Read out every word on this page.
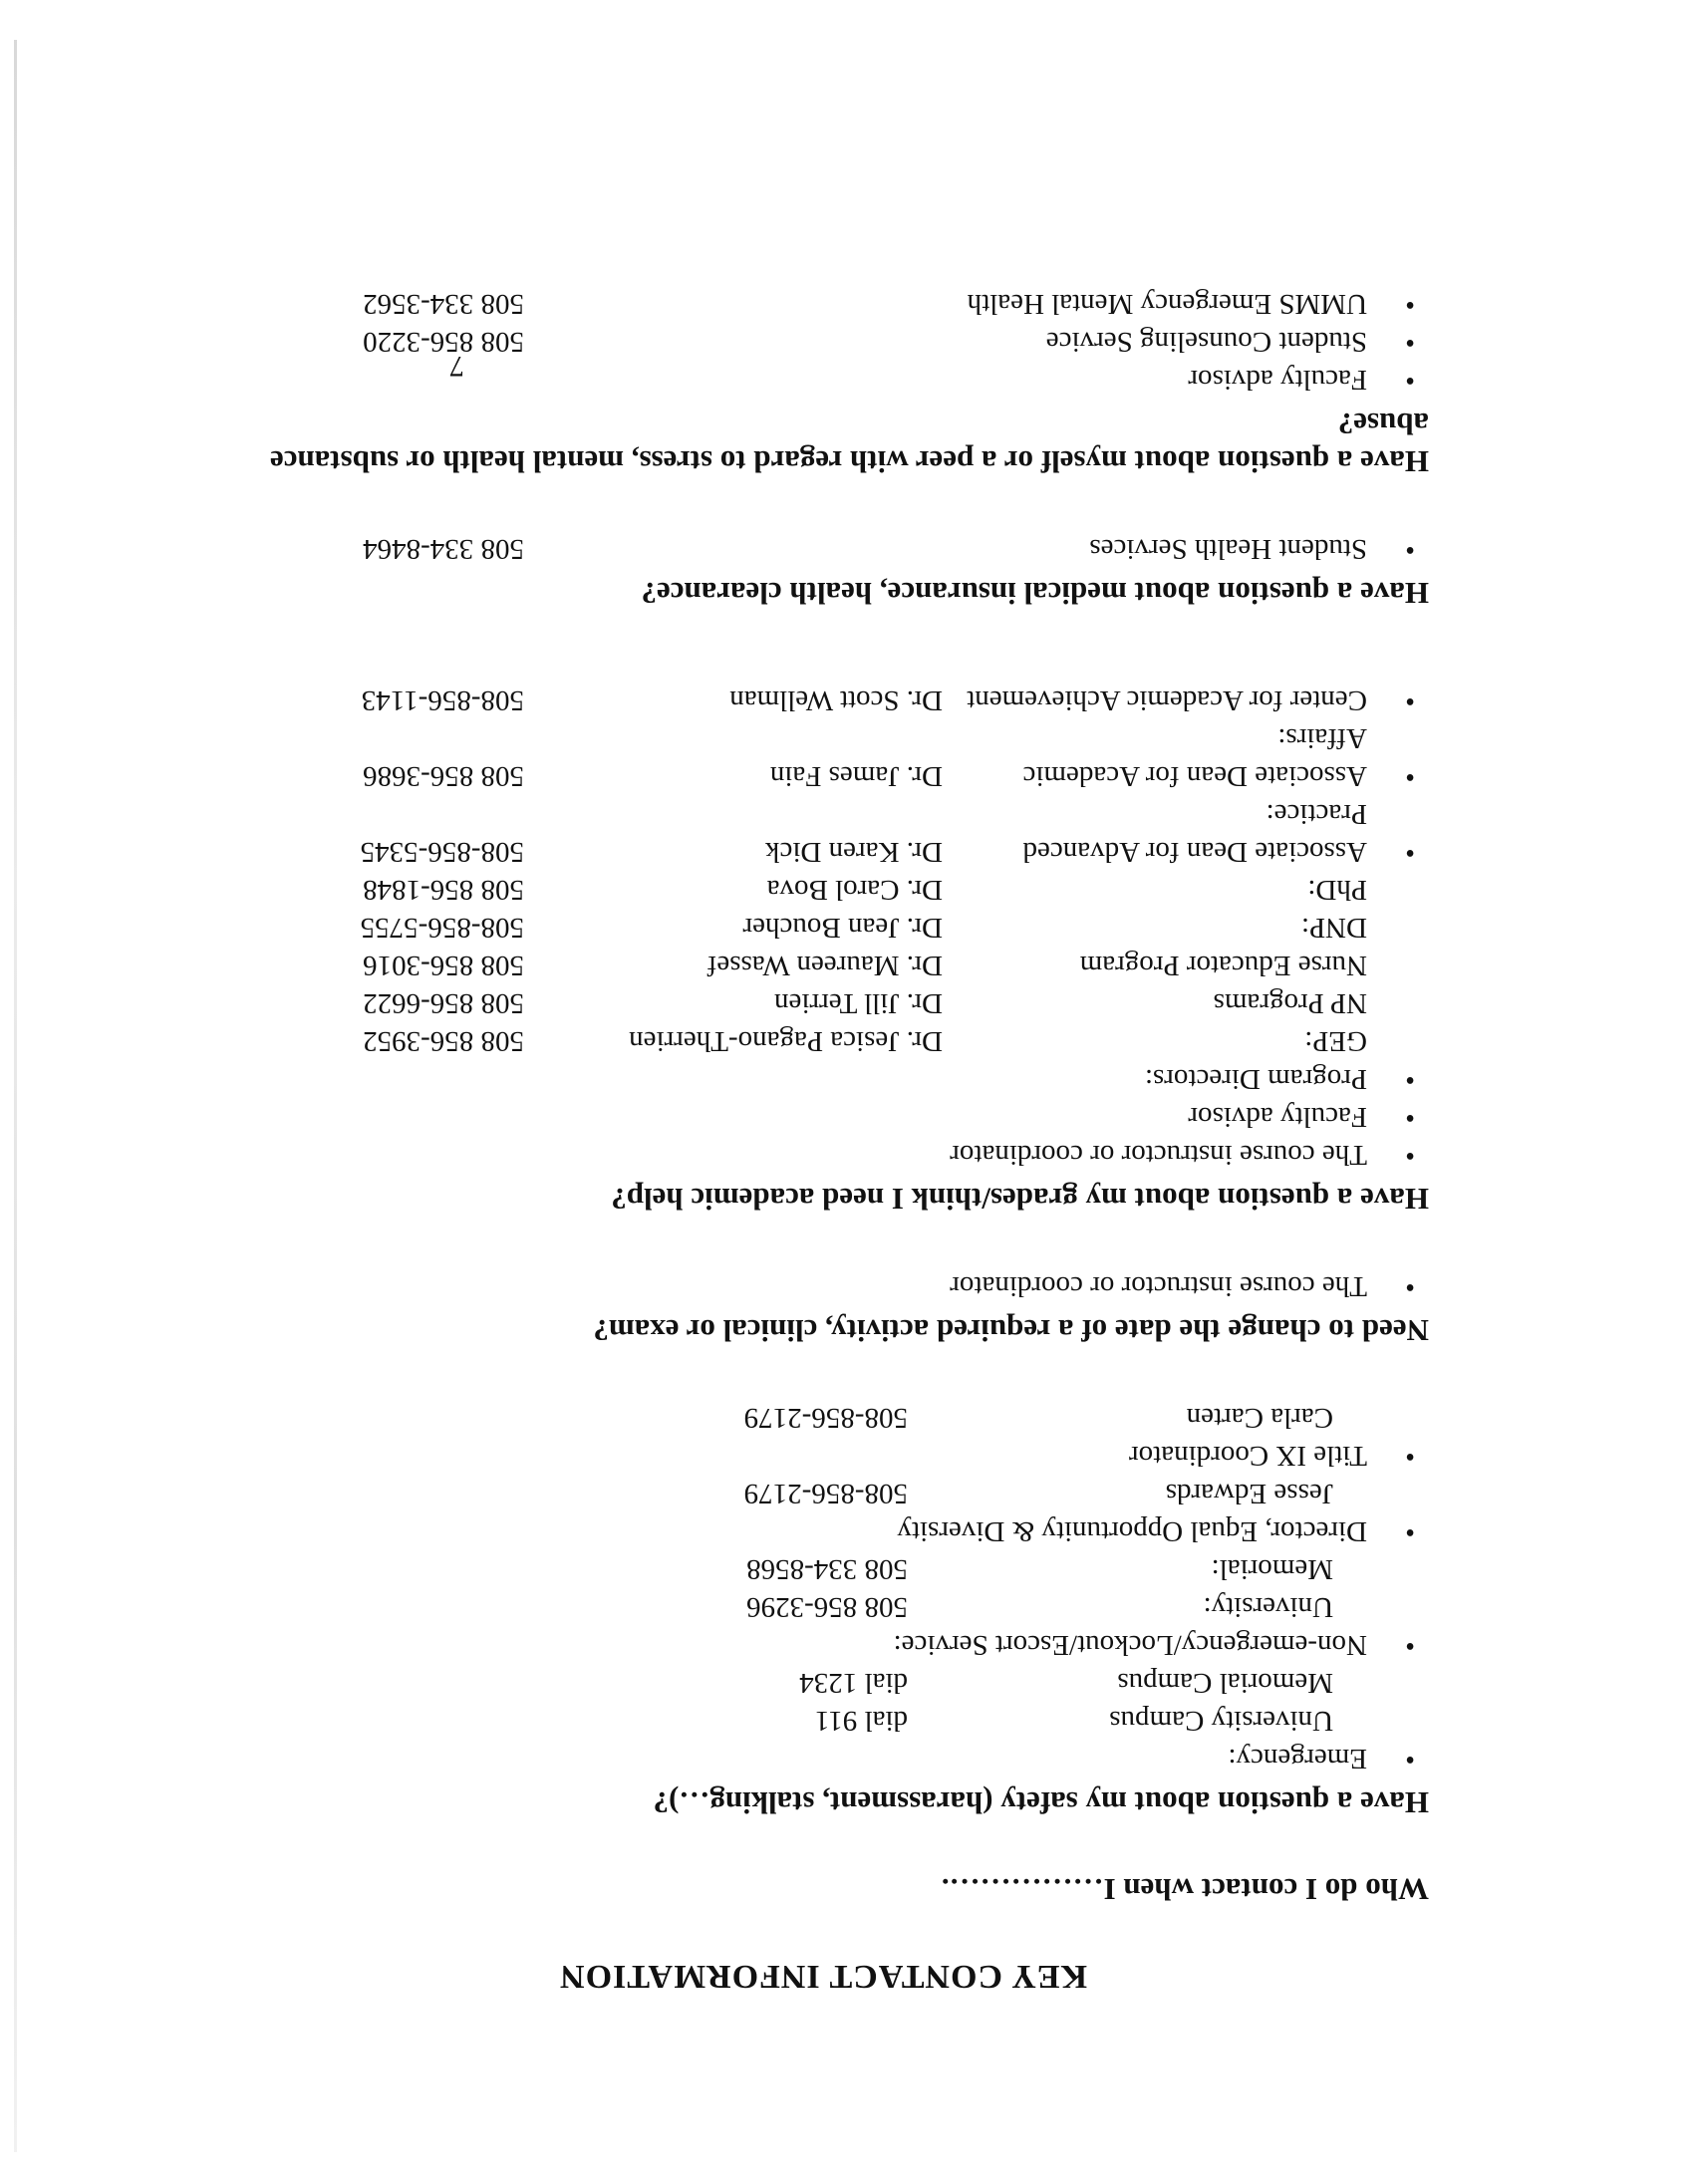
KEY CONTACT INFORMATION
Who do I contact when I…………….
Have a question about my safety (harassment, stalking…)?
• Emergency:
University Campus
dial 911
Memorial Campus
dial 1234
• Non-emergency/Lockout/Escort Service:
University:
508 856-3296
Memorial:
508 334-8568
• Director, Equal Opportunity & Diversity
Jesse Edwards
508-856-2179
• Title IX Coordinator
Carla Carten
508-856-2179
Need to change the date of a required activity, clinical or exam?
• The course instructor or coordinator
Have a question about my grades/think I need academic help?
• The course instructor or coordinator
• Faculty advisor
• Program Directors:
GEP:
Dr. Jesica Pagano-Therrien
508 856-3952
NP Programs
Dr. Jill Terrien
508 856-6622
Nurse Educator Program
Dr. Maureen Wassef
508 856-3016
DNP:
Dr. Jean Boucher
508-856-5755
PhD:
Dr. Carol Bova
508 856-1848
• Associate Dean for Advanced Practice:
Dr. Karen Dick
508-856-5345
• Associate Dean for Academic Affairs:
Dr. James Fain
508 856-3686
• Center for Academic Achievement
Dr. Scott Wellman
508-856-1143
Have a question about medical insurance, health clearance?
• Student Health Services
508 334-8464
Have a question about myself or a peer with regard to stress, mental health or substance abuse?
• Faculty advisor
• Student Counseling Service
508 856-3220
• UMMS Emergency Mental Health
508 334-3562
7
